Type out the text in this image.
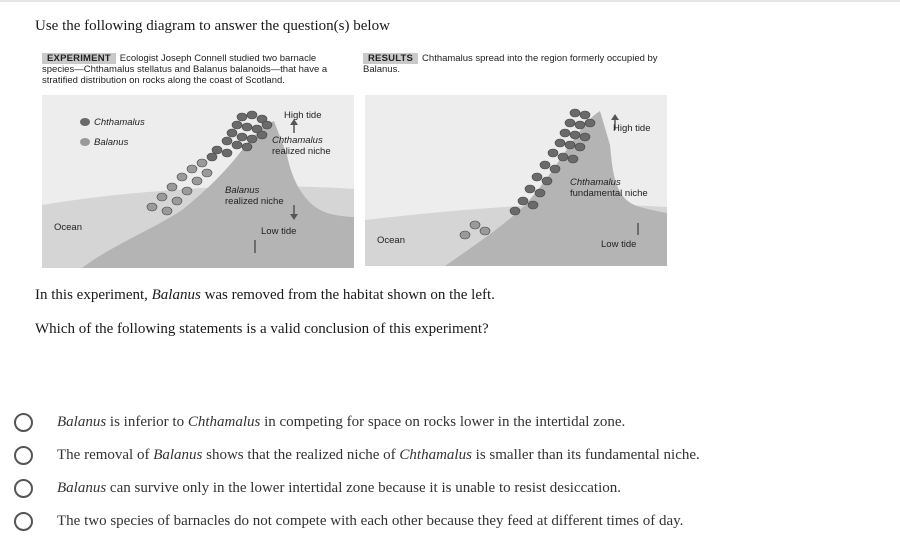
Use the following diagram to answer the question(s) below
EXPERIMENT Ecologist Joseph Connell studied two barnacle species—Chthamalus stellatus and Balanus balanoids—that have a stratified distribution on rocks along the coast of Scotland.
RESULTS Chthamalus spread into the region formerly occupied by Balanus.
Chthamalus
Balanus
High tide
Chthamalus
realized niche
Balanus
realized niche
Low tide
Ocean
High tide
Chthamalus
fundamental niche
Low tide
Ocean
In this experiment, Balanus was removed from the habitat shown on the left.
Which of the following statements is a valid conclusion of this experiment?
Balanus is inferior to Chthamalus in competing for space on rocks lower in the intertidal zone.
The removal of Balanus shows that the realized niche of Chthamalus is smaller than its fundamental niche.
Balanus can survive only in the lower intertidal zone because it is unable to resist desiccation.
The two species of barnacles do not compete with each other because they feed at different times of day.
